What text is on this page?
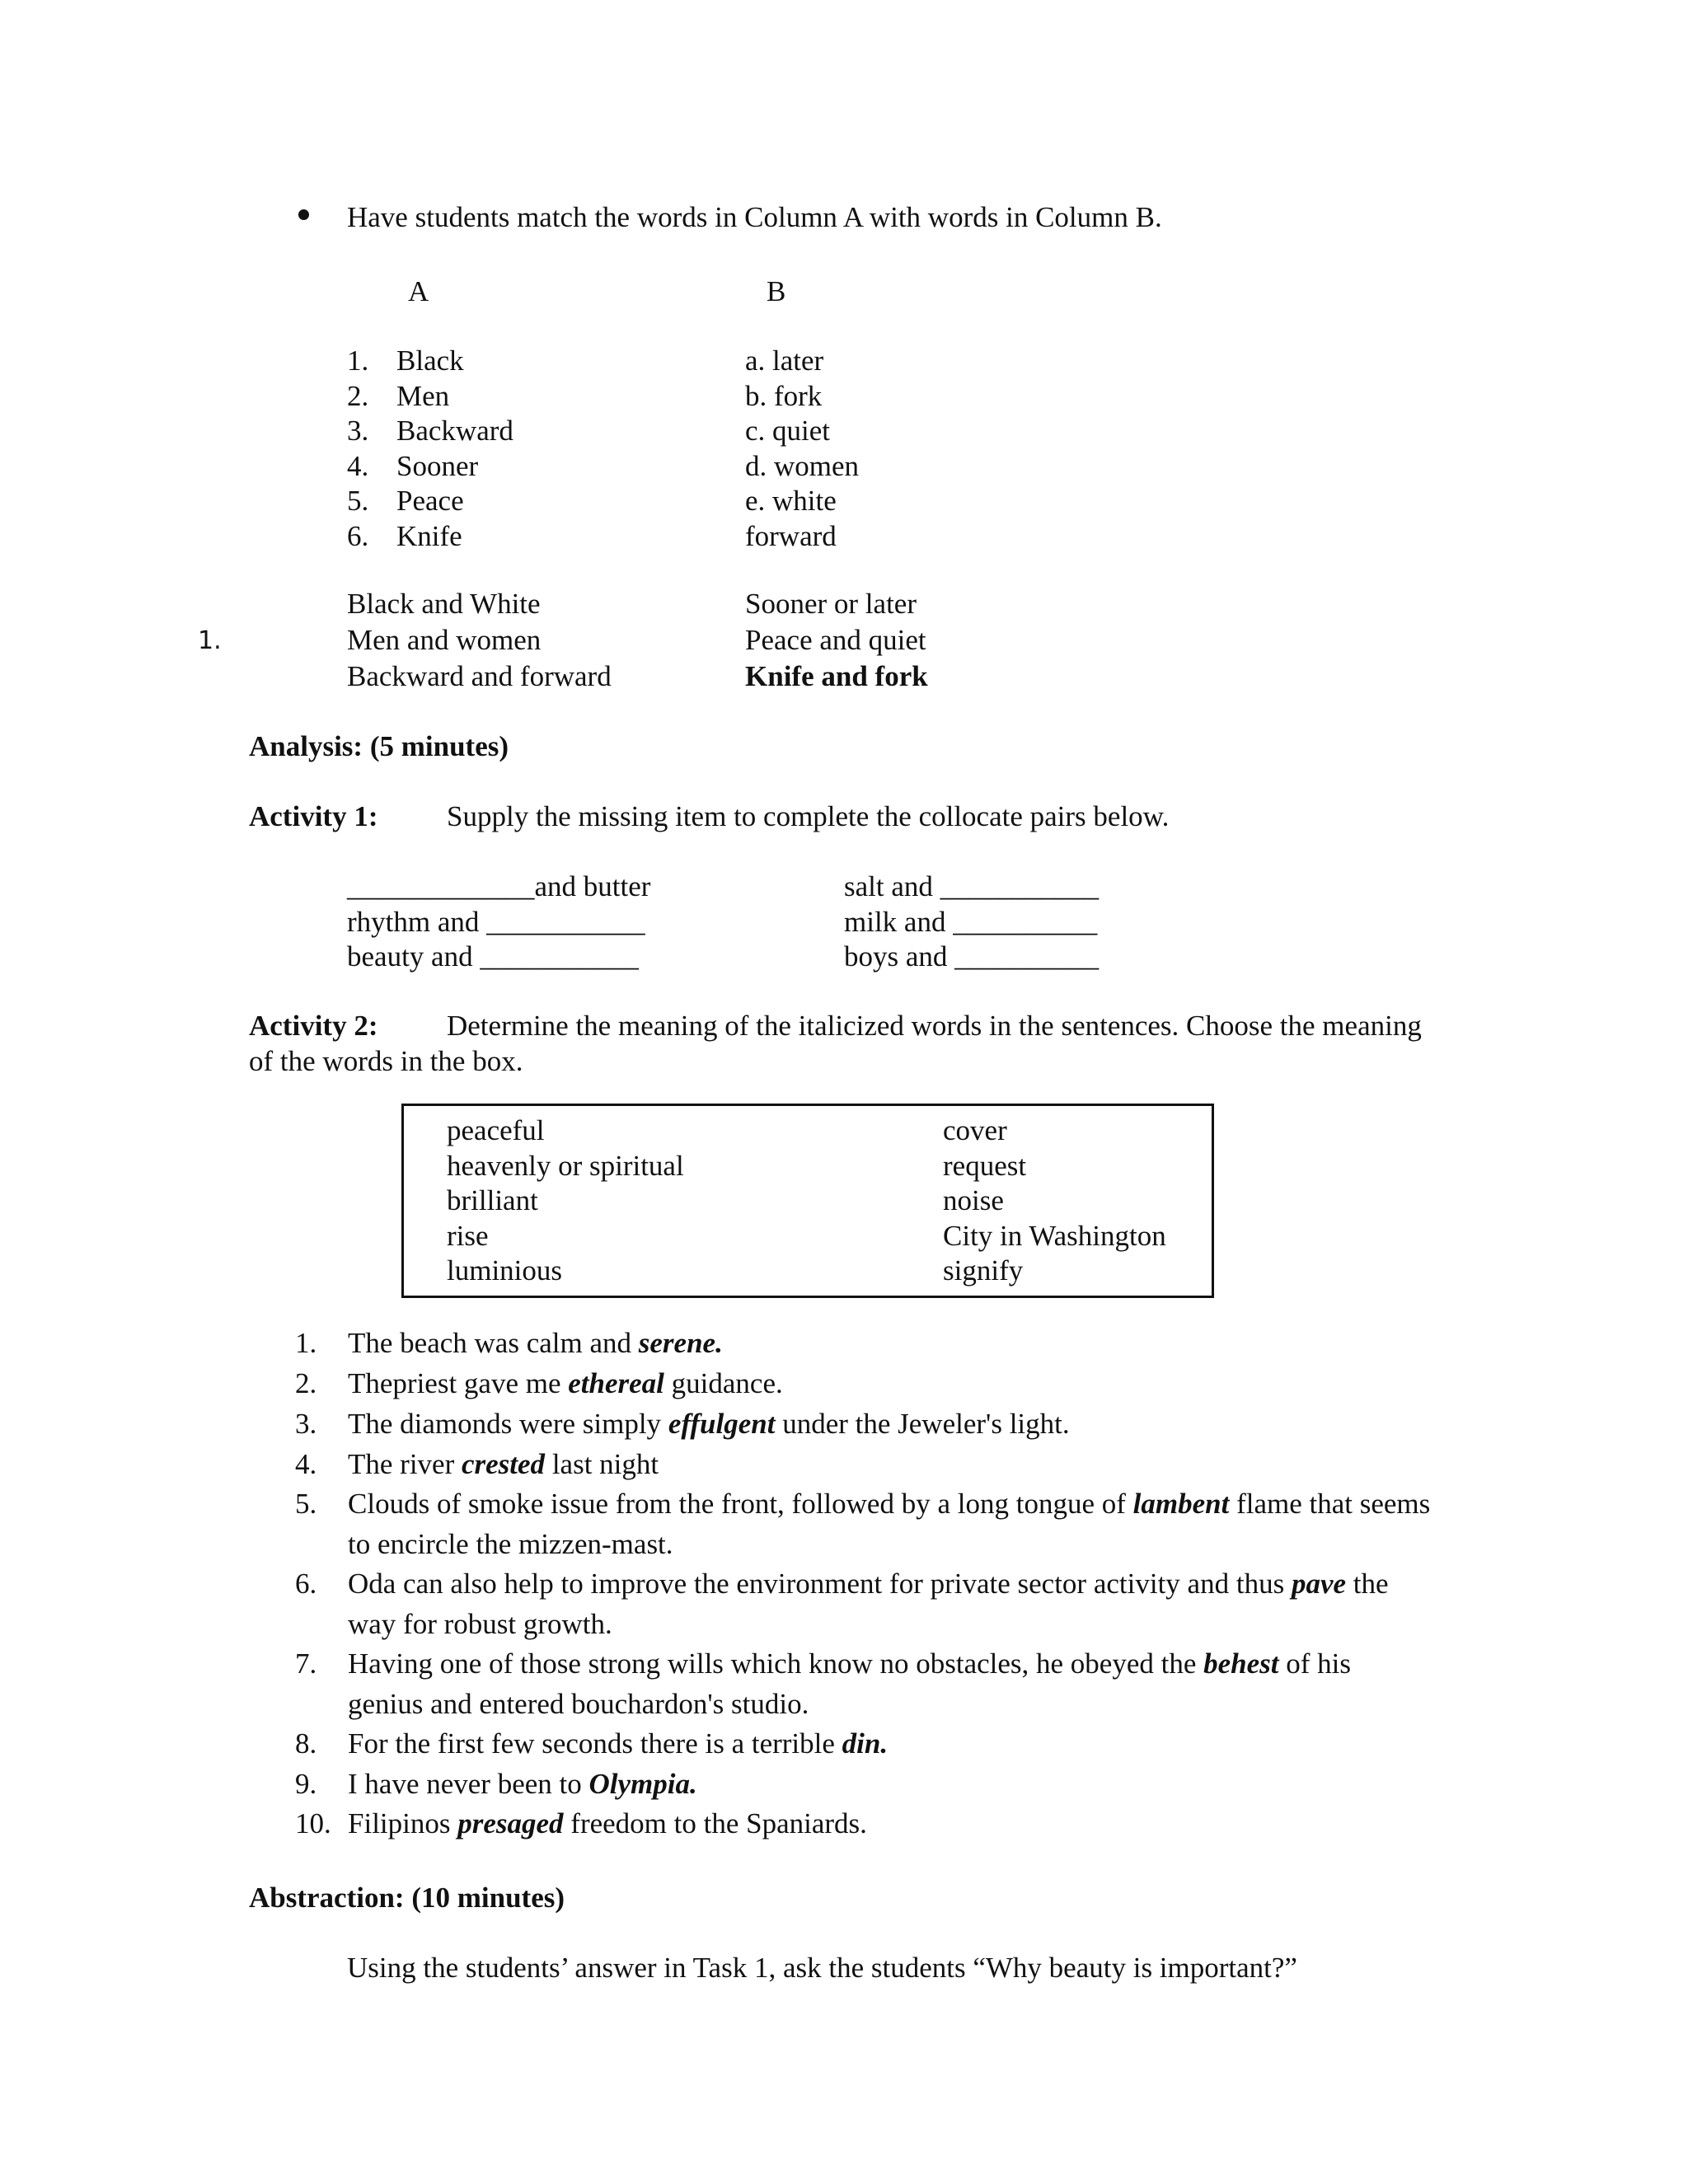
Have students match the words in Column A with words in Column B.
A	B
1. Black
2. Men
3. Backward
4. Sooner
5. Peace
6. Knife
a. later
b. fork
c. quiet
d. women
e. white
forward
1.
Black and White
Men and women
Backward and forward
Sooner or later
Peace and quiet
Knife and fork
Analysis: (5 minutes)
Activity 1: Supply the missing item to complete the collocate pairs below.
_____________and butter
rhythm and ___________
beauty and ___________
salt and ___________
milk and __________
boys and __________
Activity 2: Determine the meaning of the italicized words in the sentences. Choose the meaning
of the words in the box.
peaceful
heavenly or spiritual
brilliant
rise
luminious
cover
request
noise
City in Washington
signify
1. The beach was calm and serene.
2. Thepriest gave me ethereal guidance.
3. The diamonds were simply effulgent under the Jeweler's light.
4. The river crested last night
5. Clouds of smoke issue from the front, followed by a long tongue of lambent flame that seems
to encircle the mizzen-mast.
6. Oda can also help to improve the environment for private sector activity and thus pave the
way for robust growth.
7. Having one of those strong wills which know no obstacles, he obeyed the behest of his
genius and entered bouchardon's studio.
8. For the first few seconds there is a terrible din.
9. I have never been to Olympia.
10. Filipinos presaged freedom to the Spaniards.
Abstraction: (10 minutes)
Using the students’ answer in Task 1, ask the students “Why beauty is important?”
